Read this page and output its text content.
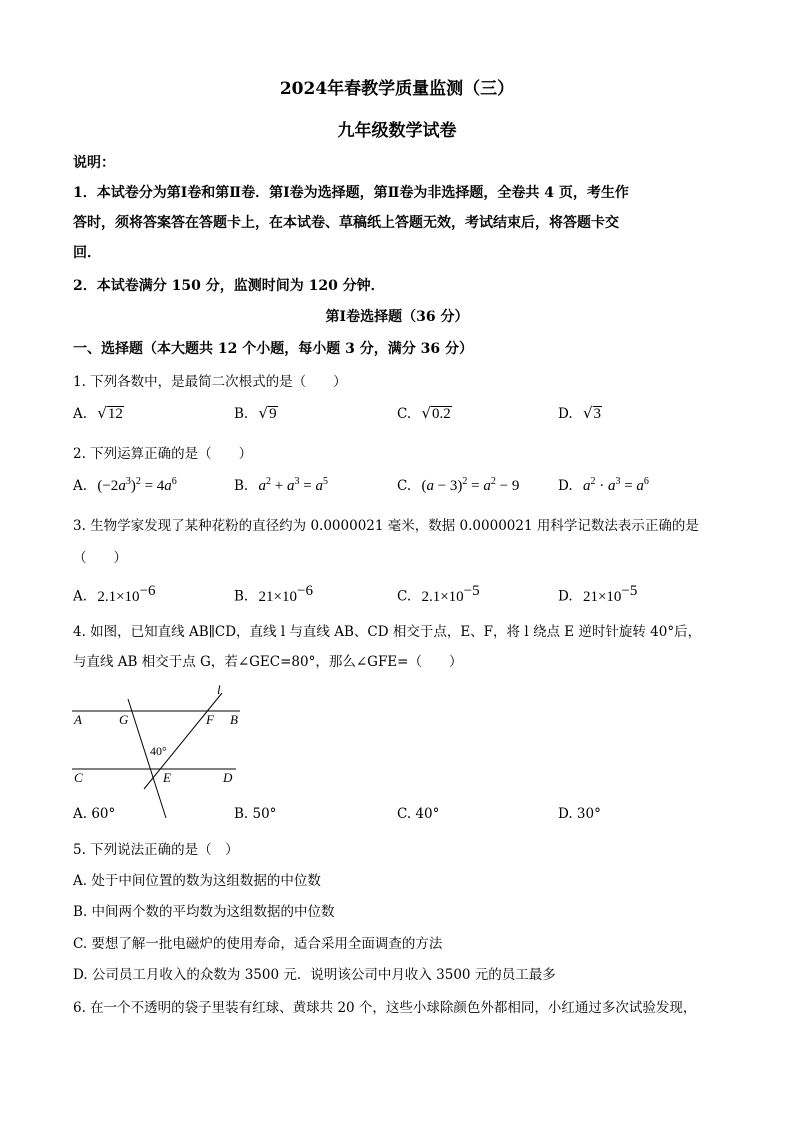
2024年春教学质量监测（三）
九年级数学试卷
说明：
1．本试卷分为第Ⅰ卷和第Ⅱ卷．第Ⅰ卷为选择题，第Ⅱ卷为非选择题，全卷共 4 页，考生作
答时，须将答案答在答题卡上，在本试卷、草稿纸上答题无效，考试结束后，将答题卡交
回．
2．本试卷满分 150 分，监测时间为 120 分钟．
第Ⅰ卷选择题（36 分）
一、选择题（本大题共 12 个小题，每小题 3 分，满分 36 分）
1. 下列各数中，是最简二次根式的是（　　）
A. √12	B. √9	C. √0.2	D. √3
2. 下列运算正确的是（　　）
A. $(-2a^3)^2 = 4a^6$	B. $a^2 + a^3 = a^5$	C. $(a - 3)^2 = a^2 - 9$	D. $a^2 \cdot a^3 = a^6$
3. 生物学家发现了某种花粉的直径约为 0.0000021 毫米，数据 0.0000021 用科学记数法表示正确的是
（　　）
A. $2.1\times 10^{-6}$	B. $21\times 10^{-6}$	C. $2.1\times 10^{-5}$	D. $21\times 10^{-5}$
4. 如图，已知直线 AB∥CD，直线 l 与直线 AB、CD 相交于点，E、F，将 l 绕点 E 逆时针旋转 40°后，
与直线 AB 相交于点 G，若∠GEC=80°，那么∠GFE=（　　）
l
A	G	F B
40°
C	E	D
A. 60°	B. 50°	C. 40°	D. 30°
5. 下列说法正确的是（　）
A. 处于中间位置的数为这组数据的中位数
B. 中间两个数的平均数为这组数据的中位数
C. 要想了解一批电磁炉的使用寿命，适合采用全面调查的方法
D. 公司员工月收入的众数为 3500 元．说明该公司中月收入 3500 元的员工最多
6. 在一个不透明的袋子里装有红球、黄球共 20 个，这些小球除颜色外都相同，小红通过多次试验发现，
